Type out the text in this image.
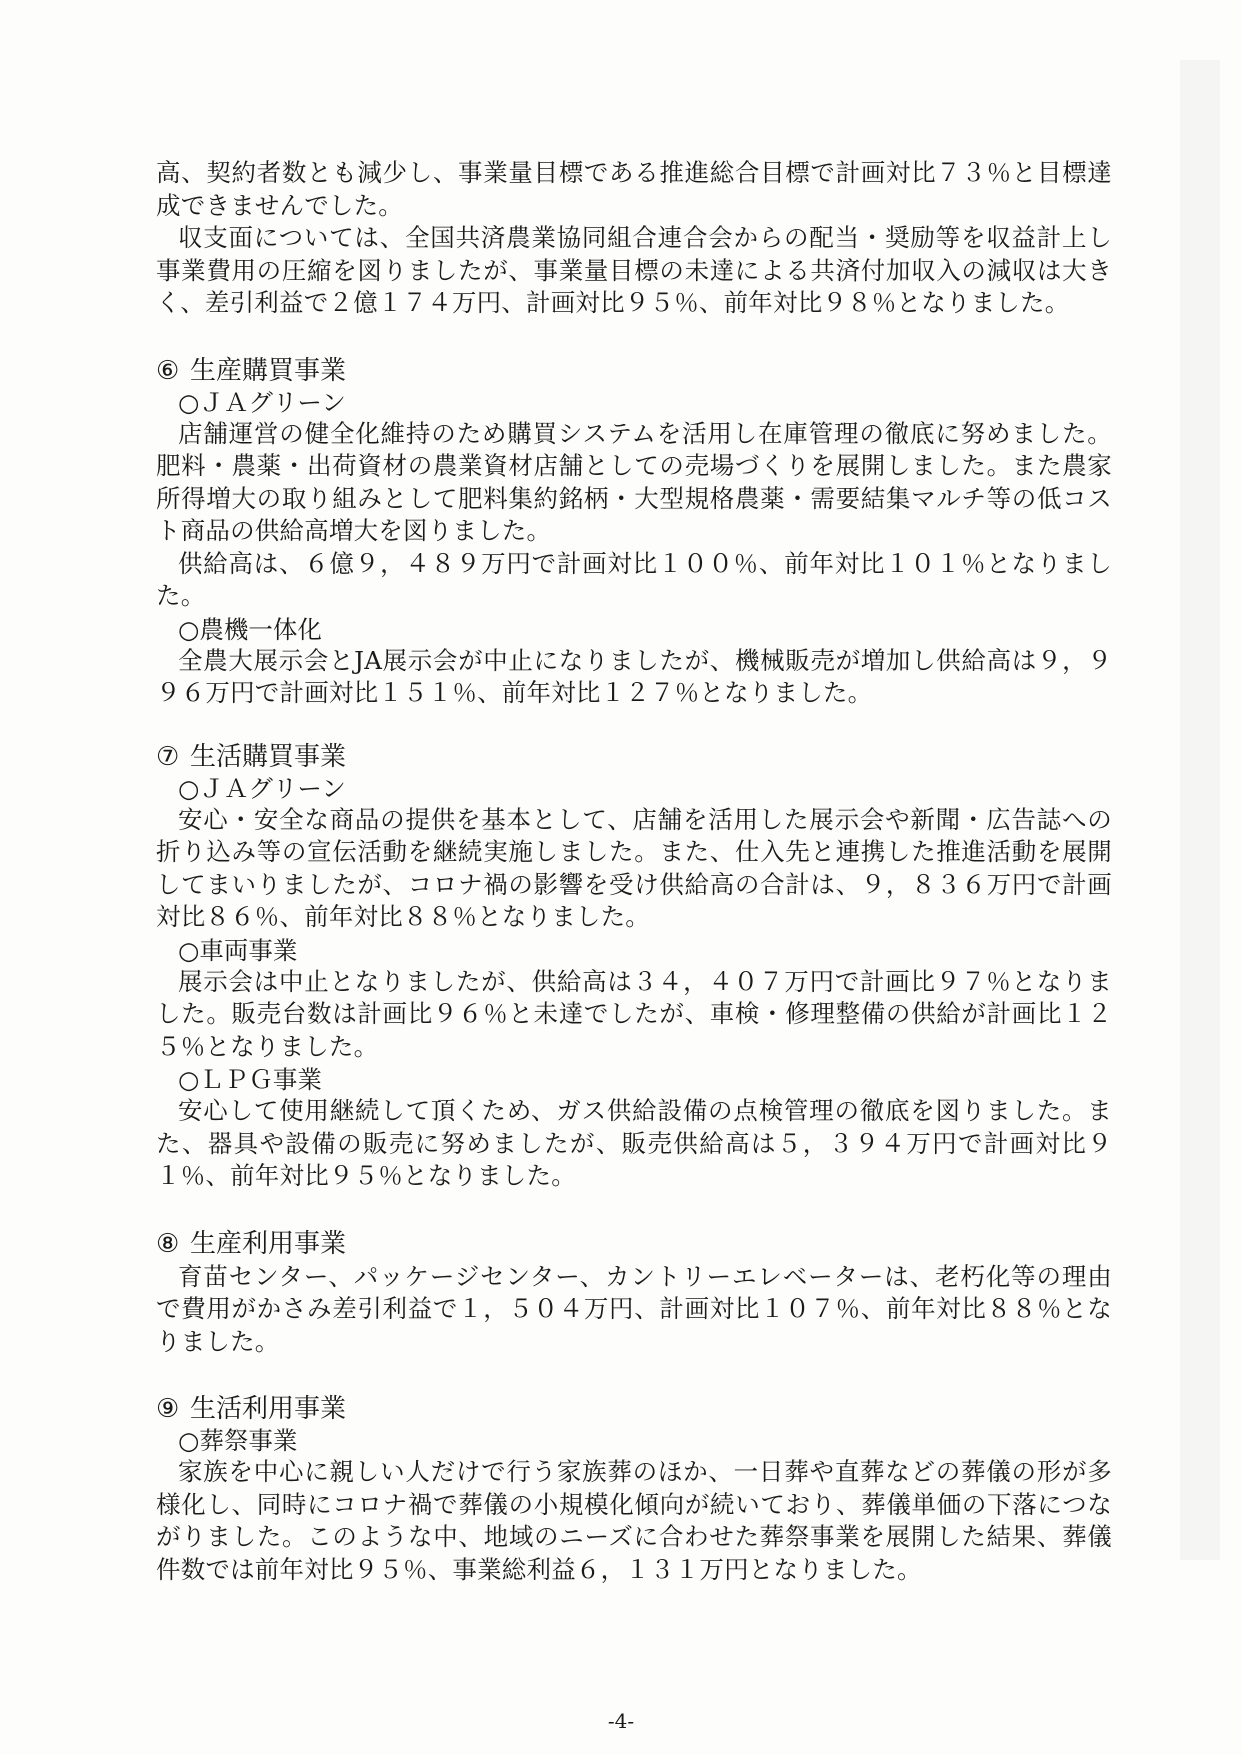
高、契約者数とも減少し、事業量目標である推進総合目標で計画対比７３％と目標達成できませんでした。

収支面については、全国共済農業協同組合連合会からの配当・奨励等を収益計上し事業費用の圧縮を図りましたが、事業量目標の未達による共済付加収入の減収は大きく、差引利益で２億１７４万円、計画対比９５％、前年対比９８％となりました。

⑥ 生産購買事業

○ＪＡグリーン

店舗運営の健全化維持のため購買システムを活用し在庫管理の徹底に努めました。肥料・農薬・出荷資材の農業資材店舗としての売場づくりを展開しました。また農家所得増大の取り組みとして肥料集約銘柄・大型規格農薬・需要結集マルチ等の低コスト商品の供給高増大を図りました。

供給高は、６億９，４８９万円で計画対比１００％、前年対比１０１％となりました。

○農機一体化

全農大展示会とJA展示会が中止になりましたが、機械販売が増加し供給高は９，９９６万円で計画対比１５１％、前年対比１２７％となりました。

⑦ 生活購買事業

○ＪＡグリーン

安心・安全な商品の提供を基本として、店舗を活用した展示会や新聞・広告誌への折り込み等の宣伝活動を継続実施しました。また、仕入先と連携した推進活動を展開してまいりましたが、コロナ禍の影響を受け供給高の合計は、９，８３６万円で計画対比８６％、前年対比８８％となりました。

○車両事業

展示会は中止となりましたが、供給高は３４，４０７万円で計画比９７％となりました。販売台数は計画比９６％と未達でしたが、車検・修理整備の供給が計画比１２５％となりました。

○ＬＰＧ事業

安心して使用継続して頂くため、ガス供給設備の点検管理の徹底を図りました。また、器具や設備の販売に努めましたが、販売供給高は５，３９４万円で計画対比９１％、前年対比９５％となりました。

⑧ 生産利用事業

育苗センター、パッケージセンター、カントリーエレベーターは、老朽化等の理由で費用がかさみ差引利益で１，５０４万円、計画対比１０７％、前年対比８８％となりました。

⑨ 生活利用事業

○葬祭事業

家族を中心に親しい人だけで行う家族葬のほか、一日葬や直葬などの葬儀の形が多様化し、同時にコロナ禍で葬儀の小規模化傾向が続いており、葬儀単価の下落につながりました。このような中、地域のニーズに合わせた葬祭事業を展開した結果、葬儀件数では前年対比９５％、事業総利益６，１３１万円となりました。

-4-
